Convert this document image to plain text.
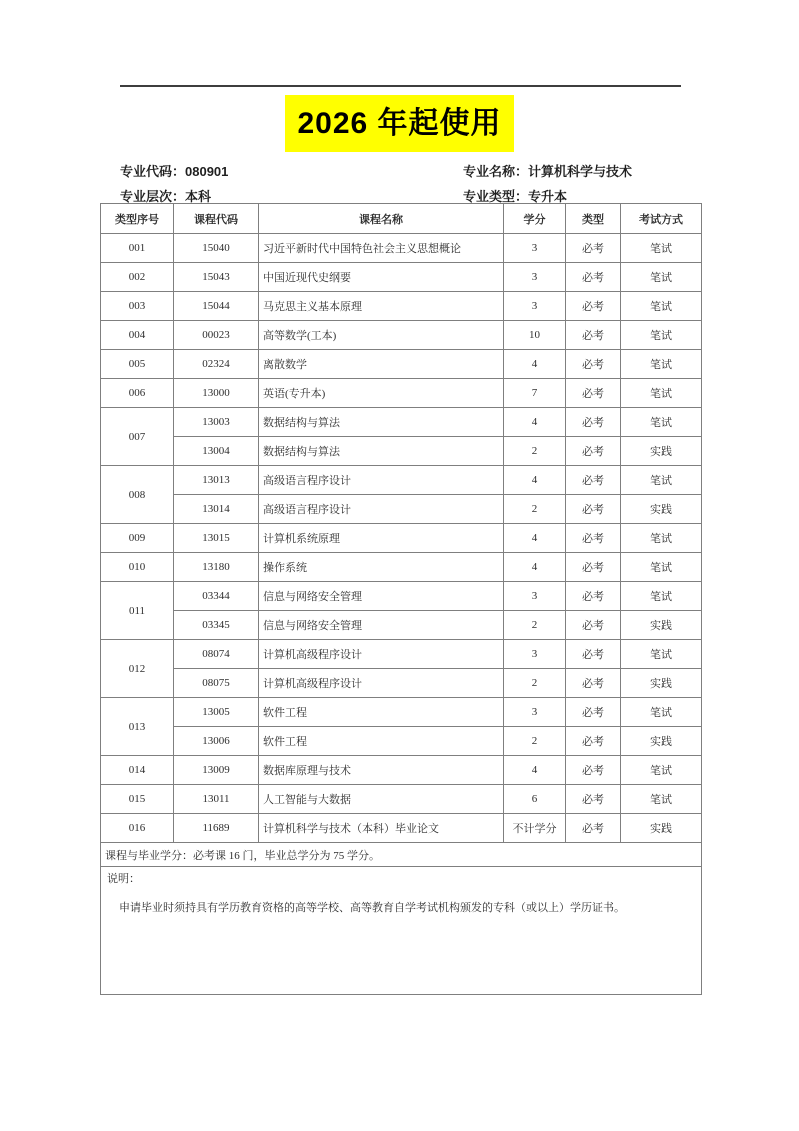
2026 年起使用
专业代码：080901	专业名称：计算机科学与技术
专业层次：本科	专业类型：专升本
类型序号	课程代码	课程名称	学分	类型	考试方式
001	15040	习近平新时代中国特色社会主义思想概论	3	必考	笔试
002	15043	中国近现代史纲要	3	必考	笔试
003	15044	马克思主义基本原理	3	必考	笔试
004	00023	高等数学(工本)	10	必考	笔试
005	02324	离散数学	4	必考	笔试
006	13000	英语(专升本)	7	必考	笔试
007	13003	数据结构与算法	4	必考	笔试
	13004	数据结构与算法	2	必考	实践
008	13013	高级语言程序设计	4	必考	笔试
	13014	高级语言程序设计	2	必考	实践
009	13015	计算机系统原理	4	必考	笔试
010	13180	操作系统	4	必考	笔试
011	03344	信息与网络安全管理	3	必考	笔试
	03345	信息与网络安全管理	2	必考	实践
012	08074	计算机高级程序设计	3	必考	笔试
	08075	计算机高级程序设计	2	必考	实践
013	13005	软件工程	3	必考	笔试
	13006	软件工程	2	必考	实践
014	13009	数据库原理与技术	4	必考	笔试
015	13011	人工智能与大数据	6	必考	笔试
016	11689	计算机科学与技术（本科）毕业论文	不计学分	必考	实践
课程与毕业学分：必考课 16 门，毕业总学分为 75 学分。					

说明：
申请毕业时须持具有学历教育资格的高等学校、高等教育自学考试机构颁发的专科（或以上）学历证书。					
